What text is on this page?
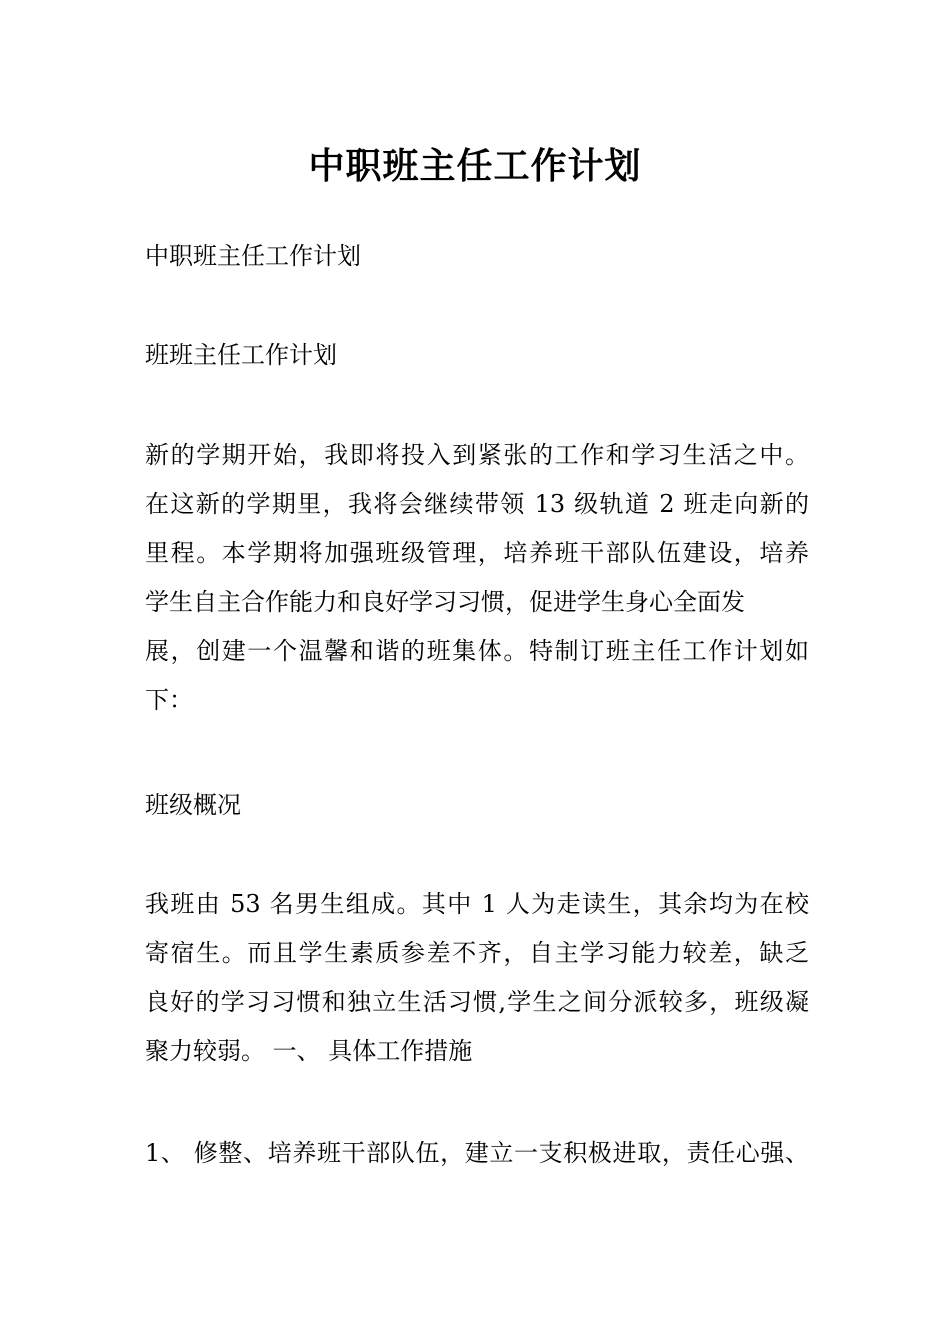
中职班主任工作计划

中职班主任工作计划

班班主任工作计划

新的学期开始，我即将投入到紧张的工作和学习生活之中。
在这新的学期里，我将会继续带领 13 级轨道 2 班走向新的
里程。本学期将加强班级管理，培养班干部队伍建设，培养
学生自主合作能力和良好学习习惯，促进学生身心全面发
展，创建一个温馨和谐的班集体。特制订班主任工作计划如
下：

班级概况

我班由 53 名男生组成。其中 1 人为走读生，其余均为在校
寄宿生。而且学生素质参差不齐，自主学习能力较差，缺乏
良好的学习习惯和独立生活习惯,学生之间分派较多，班级凝
聚力较弱。 一、 具体工作措施

1、 修整、培养班干部队伍，建立一支积极进取，责任心强、
